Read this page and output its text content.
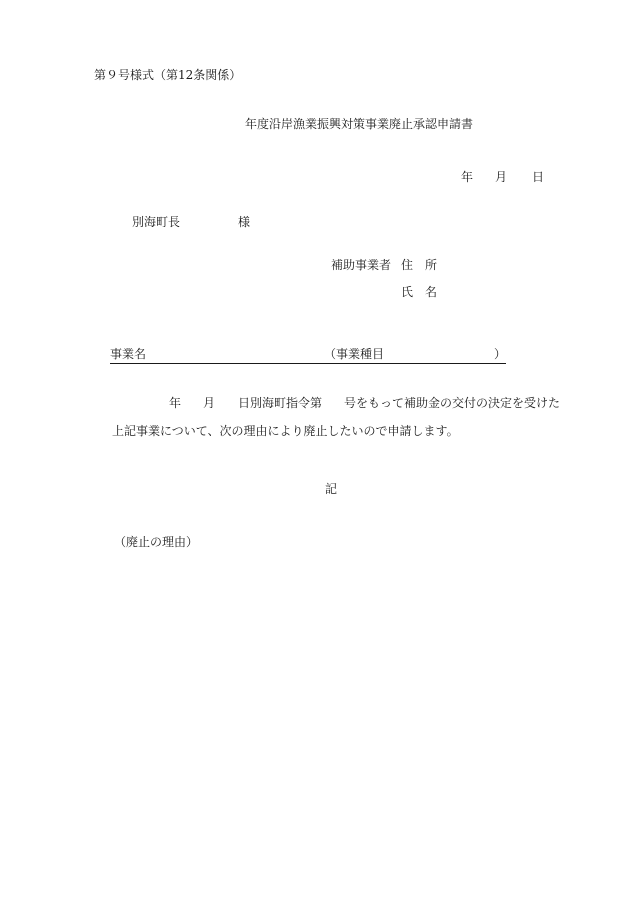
第９号様式（第12条関係）
年度沿岸漁業振興対策事業廃止承認申請書
年 月 日
別海町長	様
補助事業者 住　所
氏　名
事業名	（事業種目	）
年 月 日別海町指令第 号をもって補助金の交付の決定を受けた
上記事業について、次の理由により廃止したいので申請します。
記
（廃止の理由）
